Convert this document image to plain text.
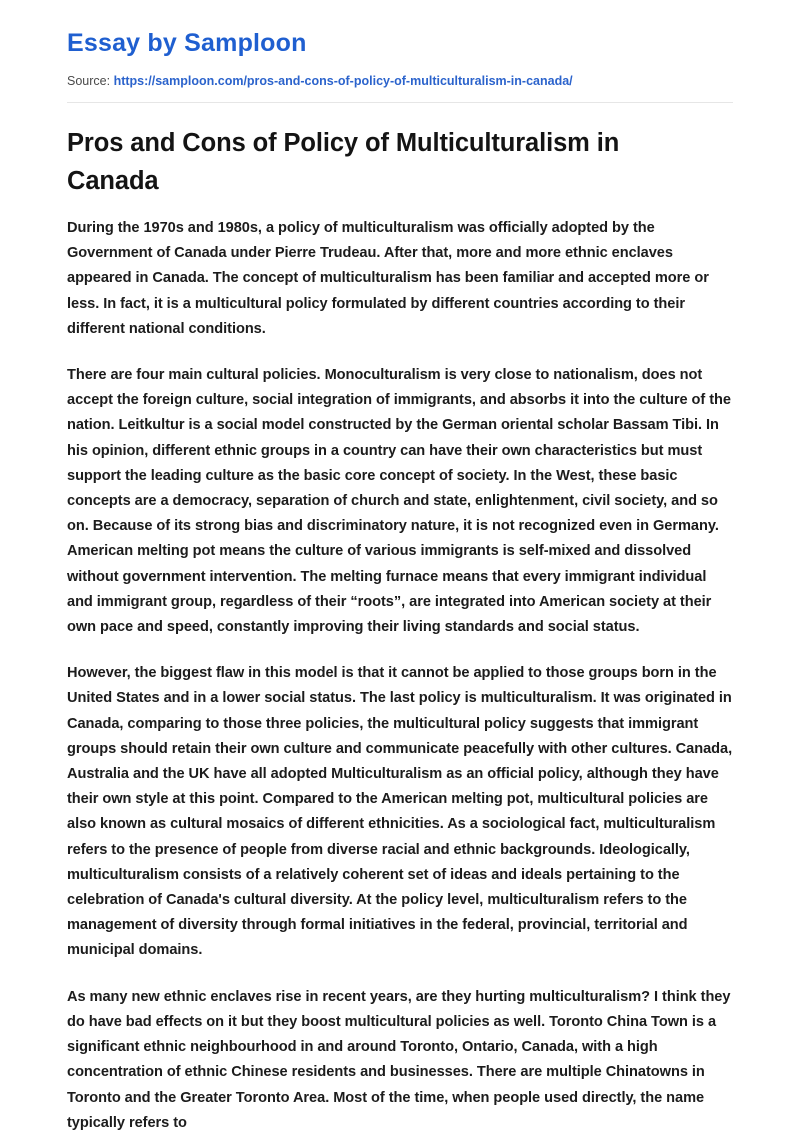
Essay by Samploon
Source: https://samploon.com/pros-and-cons-of-policy-of-multiculturalism-in-canada/
Pros and Cons of Policy of Multiculturalism in Canada

During the 1970s and 1980s, a policy of multiculturalism was officially adopted by the Government of Canada under Pierre Trudeau. After that, more and more ethnic enclaves appeared in Canada. The concept of multiculturalism has been familiar and accepted more or less. In fact, it is a multicultural policy formulated by different countries according to their different national conditions.

There are four main cultural policies. Monoculturalism is very close to nationalism, does not accept the foreign culture, social integration of immigrants, and absorbs it into the culture of the nation. Leitkultur is a social model constructed by the German oriental scholar Bassam Tibi. In his opinion, different ethnic groups in a country can have their own characteristics but must support the leading culture as the basic core concept of society. In the West, these basic concepts are a democracy, separation of church and state, enlightenment, civil society, and so on. Because of its strong bias and discriminatory nature, it is not recognized even in Germany. American melting pot means the culture of various immigrants is self-mixed and dissolved without government intervention. The melting furnace means that every immigrant individual and immigrant group, regardless of their “roots”, are integrated into American society at their own pace and speed, constantly improving their living standards and social status.

However, the biggest flaw in this model is that it cannot be applied to those groups born in the United States and in a lower social status. The last policy is multiculturalism. It was originated in Canada, comparing to those three policies, the multicultural policy suggests that immigrant groups should retain their own culture and communicate peacefully with other cultures. Canada, Australia and the UK have all adopted Multiculturalism as an official policy, although they have their own style at this point. Compared to the American melting pot, multicultural policies are also known as cultural mosaics of different ethnicities. As a sociological fact, multiculturalism refers to the presence of people from diverse racial and ethnic backgrounds. Ideologically, multiculturalism consists of a relatively coherent set of ideas and ideals pertaining to the celebration of Canada's cultural diversity. At the policy level, multiculturalism refers to the management of diversity through formal initiatives in the federal, provincial, territorial and municipal domains.

As many new ethnic enclaves rise in recent years, are they hurting multiculturalism? I think they do have bad effects on it but they boost multicultural policies as well. Toronto China Town is a significant ethnic neighbourhood in and around Toronto, Ontario, Canada, with a high concentration of ethnic Chinese residents and businesses. There are multiple Chinatowns in Toronto and the Greater Toronto Area. Most of the time, when people used directly, the name typically refers to
